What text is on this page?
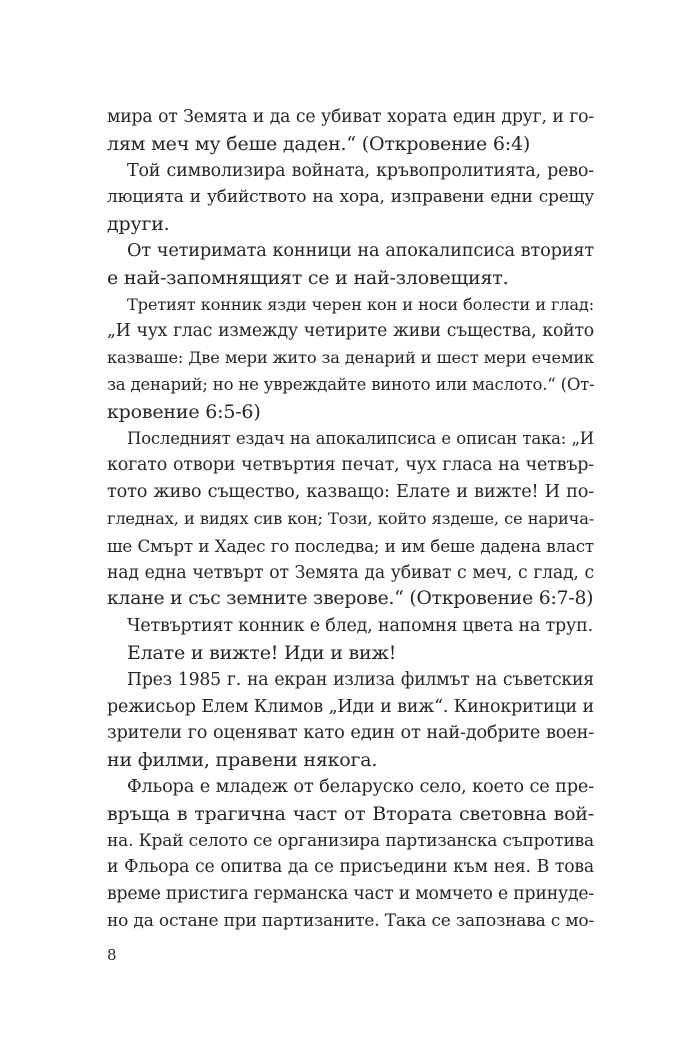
мира от Земята и да се убиват хората един друг, и го-
лям меч му беше даден.“ (Откровение 6:4)
Той символизира войната, кръвопролитията, рево-
люцията и убийството на хора, изправени едни срещу
други.
От четиримата конници на апокалипсиса вторият
е най-запомнящият се и най-зловещият.
Третият конник язди черен кон и носи болести и глад:
„И чух глас измежду четирите живи същества, който
казваше: Две мери жито за денарий и шест мери ечемик
за денарий; но не увреждайте виното или маслото.“ (От-
кровение 6:5-6)
Последният ездач на апокалипсиса е описан така: „И
когато отвори четвъртия печат, чух гласа на четвър-
тото живо същество, казващо: Елате и вижте! И по-
гледнах, и видях сив кон; Този, който яздеше, се нарича-
ше Смърт и Хадес го последва; и им беше дадена власт
над една четвърт от Земята да убиват с меч, с глад, с
клане и със земните зверове.“ (Откровение 6:7-8)
Четвъртият конник е блед, напомня цвета на труп.
Елате и вижте! Иди и виж!
През 1985 г. на екран излиза филмът на съветския
режисьор Елем Климов „Иди и виж“. Кинокритици и
зрители го оценяват като един от най-добрите воен-
ни филми, правени някога.
Фльора е младеж от беларуско село, което се пре-
връща в трагична част от Втората световна вой-
на. Край селото се организира партизанска съпротива
и Фльора се опитва да се присъедини към нея. В това
време пристига германска част и момчето е принуде-
но да остане при партизаните. Така се запознава с мо-
8
